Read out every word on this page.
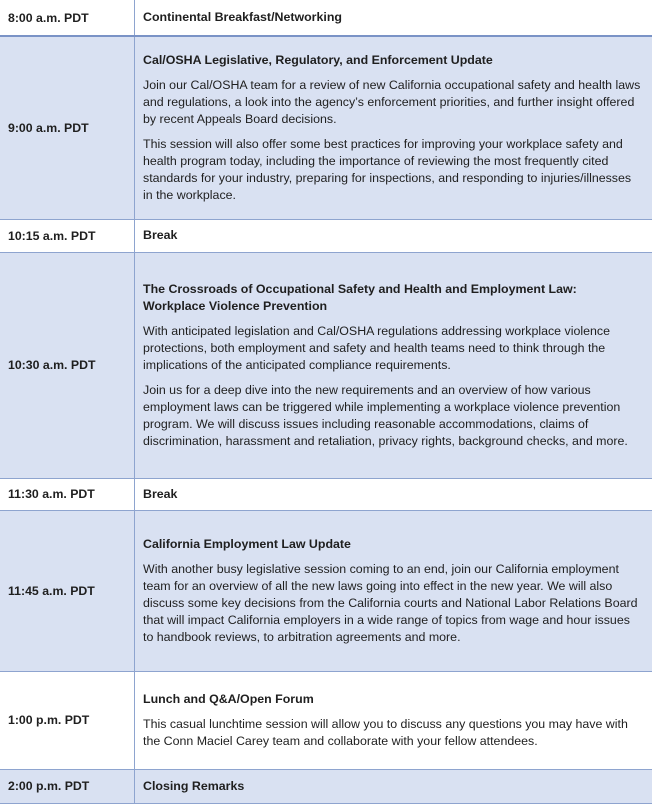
8:00 a.m. PDT	Continental Breakfast/Networking

9:00 a.m. PDT	Cal/OSHA Legislative, Regulatory, and Enforcement Update
Join our Cal/OSHA team for a review of new California occupational safety and health laws and regulations, a look into the agency’s enforcement priorities, and further insight offered by recent Appeals Board decisions.
This session will also offer some best practices for improving your workplace safety and health program today, including the importance of reviewing the most frequently cited standards for your industry, preparing for inspections, and responding to injuries/illnesses in the workplace.

10:15 a.m. PDT	Break

10:30 a.m. PDT	The Crossroads of Occupational Safety and Health and Employment Law: Workplace Violence Prevention
With anticipated legislation and Cal/OSHA regulations addressing workplace violence protections, both employment and safety and health teams need to think through the implications of the anticipated compliance requirements.
Join us for a deep dive into the new requirements and an overview of how various employment laws can be triggered while implementing a workplace violence prevention program. We will discuss issues including reasonable accommodations, claims of discrimination, harassment and retaliation, privacy rights, background checks, and more.

11:30 a.m. PDT	Break

11:45 a.m. PDT	California Employment Law Update
With another busy legislative session coming to an end, join our California employment team for an overview of all the new laws going into effect in the new year. We will also discuss some key decisions from the California courts and National Labor Relations Board that will impact California employers in a wide range of topics from wage and hour issues to handbook reviews, to arbitration agreements and more.

1:00 p.m. PDT	Lunch and Q&A/Open Forum
This casual lunchtime session will allow you to discuss any questions you may have with the Conn Maciel Carey team and collaborate with your fellow attendees.

2:00 p.m. PDT	Closing Remarks
